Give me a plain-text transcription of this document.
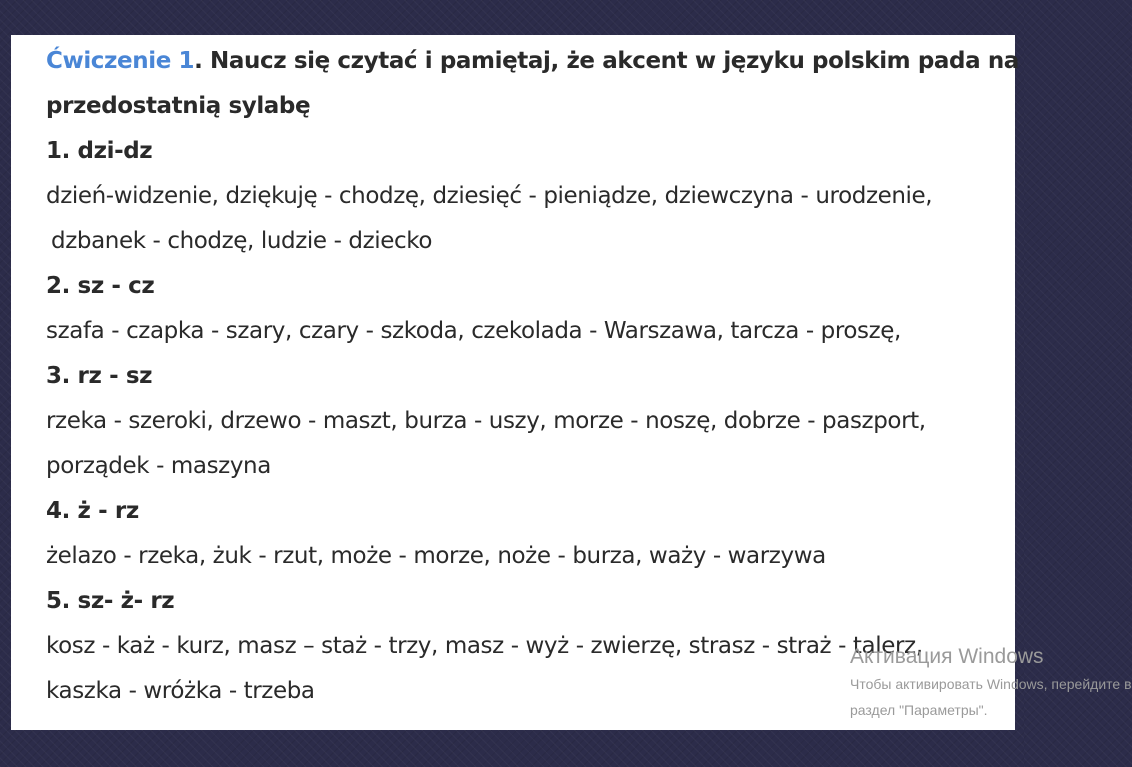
Ćwiczenie 1. Naucz się czytać i pamiętaj, że akcent w języku polskim pada na
przedostatnią sylabę
1. dzi-dz
dzień-widzenie, dziękuję - chodzę, dziesięć - pieniądze, dziewczyna - urodzenie,
dzbanek - chodzę, ludzie - dziecko
2. sz - cz
szafa - czapka - szary, czary - szkoda, czekolada - Warszawa, tarcza - proszę,
3. rz - sz
rzeka - szeroki, drzewo - maszt, burza - uszy, morze - noszę, dobrze - paszport,
porządek - maszyna
4. ż - rz
żelazo - rzeka, żuk - rzut, może - morze, noże - burza, waży - warzywa
5. sz- ż- rz
kosz - każ - kurz, masz – staż - trzy, masz - wyż - zwierzę, strasz - straż - talerz,
kaszka - wróżka - trzeba
Активация Windows
Чтобы активировать Windows, перейдите в
раздел "Параметры".
